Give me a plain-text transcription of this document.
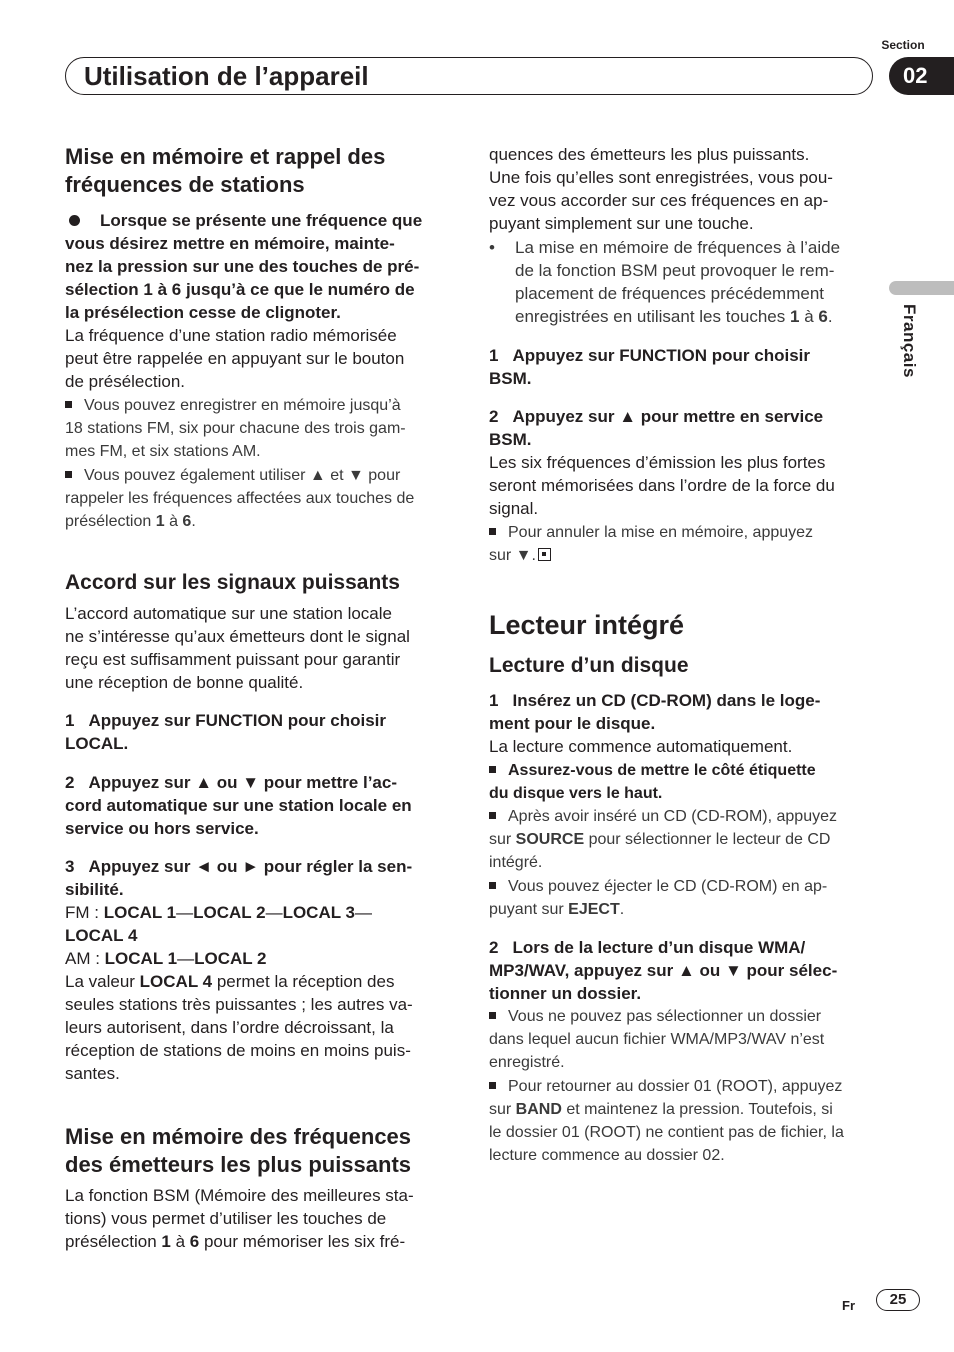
Utilisation de l’appareil
Section
02
Français
Mise en mémoire et rappel des fréquences de stations
Lorsque se présente une fréquence que
vous désirez mettre en mémoire, mainte-
nez la pression sur une des touches de pré-
sélection 1 à 6 jusqu’à ce que le numéro de
la présélection cesse de clignoter.
La fréquence d’une station radio mémorisée
peut être rappelée en appuyant sur le bouton
de présélection.
Vous pouvez enregistrer en mémoire jusqu’à
18 stations FM, six pour chacune des trois gam-
mes FM, et six stations AM.
Vous pouvez également utiliser ▲ et ▼ pour
rappeler les fréquences affectées aux touches de
présélection 1 à 6.
Accord sur les signaux puissants
L’accord automatique sur une station locale
ne s’intéresse qu’aux émetteurs dont le signal
reçu est suffisamment puissant pour garantir
une réception de bonne qualité.
1 Appuyez sur FUNCTION pour choisir
LOCAL.
2 Appuyez sur ▲ ou ▼ pour mettre l’ac-
cord automatique sur une station locale en
service ou hors service.
3 Appuyez sur ◄ ou ► pour régler la sen-
sibilité.
FM : LOCAL 1—LOCAL 2—LOCAL 3—
LOCAL 4
AM : LOCAL 1—LOCAL 2
La valeur LOCAL 4 permet la réception des
seules stations très puissantes ; les autres va-
leurs autorisent, dans l’ordre décroissant, la
réception de stations de moins en moins puis-
santes.
Mise en mémoire des fréquences
des émetteurs les plus puissants
La fonction BSM (Mémoire des meilleures sta-
tions) vous permet d’utiliser les touches de
présélection 1 à 6 pour mémoriser les six fré-
quences des émetteurs les plus puissants.
Une fois qu’elles sont enregistrées, vous pou-
vez vous accorder sur ces fréquences en ap-
puyant simplement sur une touche.
• La mise en mémoire de fréquences à l’aide
de la fonction BSM peut provoquer le rem-
placement de fréquences précédemment
enregistrées en utilisant les touches 1 à 6.
1 Appuyez sur FUNCTION pour choisir
BSM.
2 Appuyez sur ▲ pour mettre en service
BSM.
Les six fréquences d’émission les plus fortes
seront mémorisées dans l’ordre de la force du
signal.
Pour annuler la mise en mémoire, appuyez
sur ▼.
Lecteur intégré
Lecture d’un disque
1 Insérez un CD (CD-ROM) dans le loge-
ment pour le disque.
La lecture commence automatiquement.
Assurez-vous de mettre le côté étiquette
du disque vers le haut.
Après avoir inséré un CD (CD-ROM), appuyez
sur SOURCE pour sélectionner le lecteur de CD
intégré.
Vous pouvez éjecter le CD (CD-ROM) en ap-
puyant sur EJECT.
2 Lors de la lecture d’un disque WMA/
MP3/WAV, appuyez sur ▲ ou ▼ pour sélec-
tionner un dossier.
Vous ne pouvez pas sélectionner un dossier
dans lequel aucun fichier WMA/MP3/WAV n’est
enregistré.
Pour retourner au dossier 01 (ROOT), appuyez
sur BAND et maintenez la pression. Toutefois, si
le dossier 01 (ROOT) ne contient pas de fichier, la
lecture commence au dossier 02.
Fr	25
